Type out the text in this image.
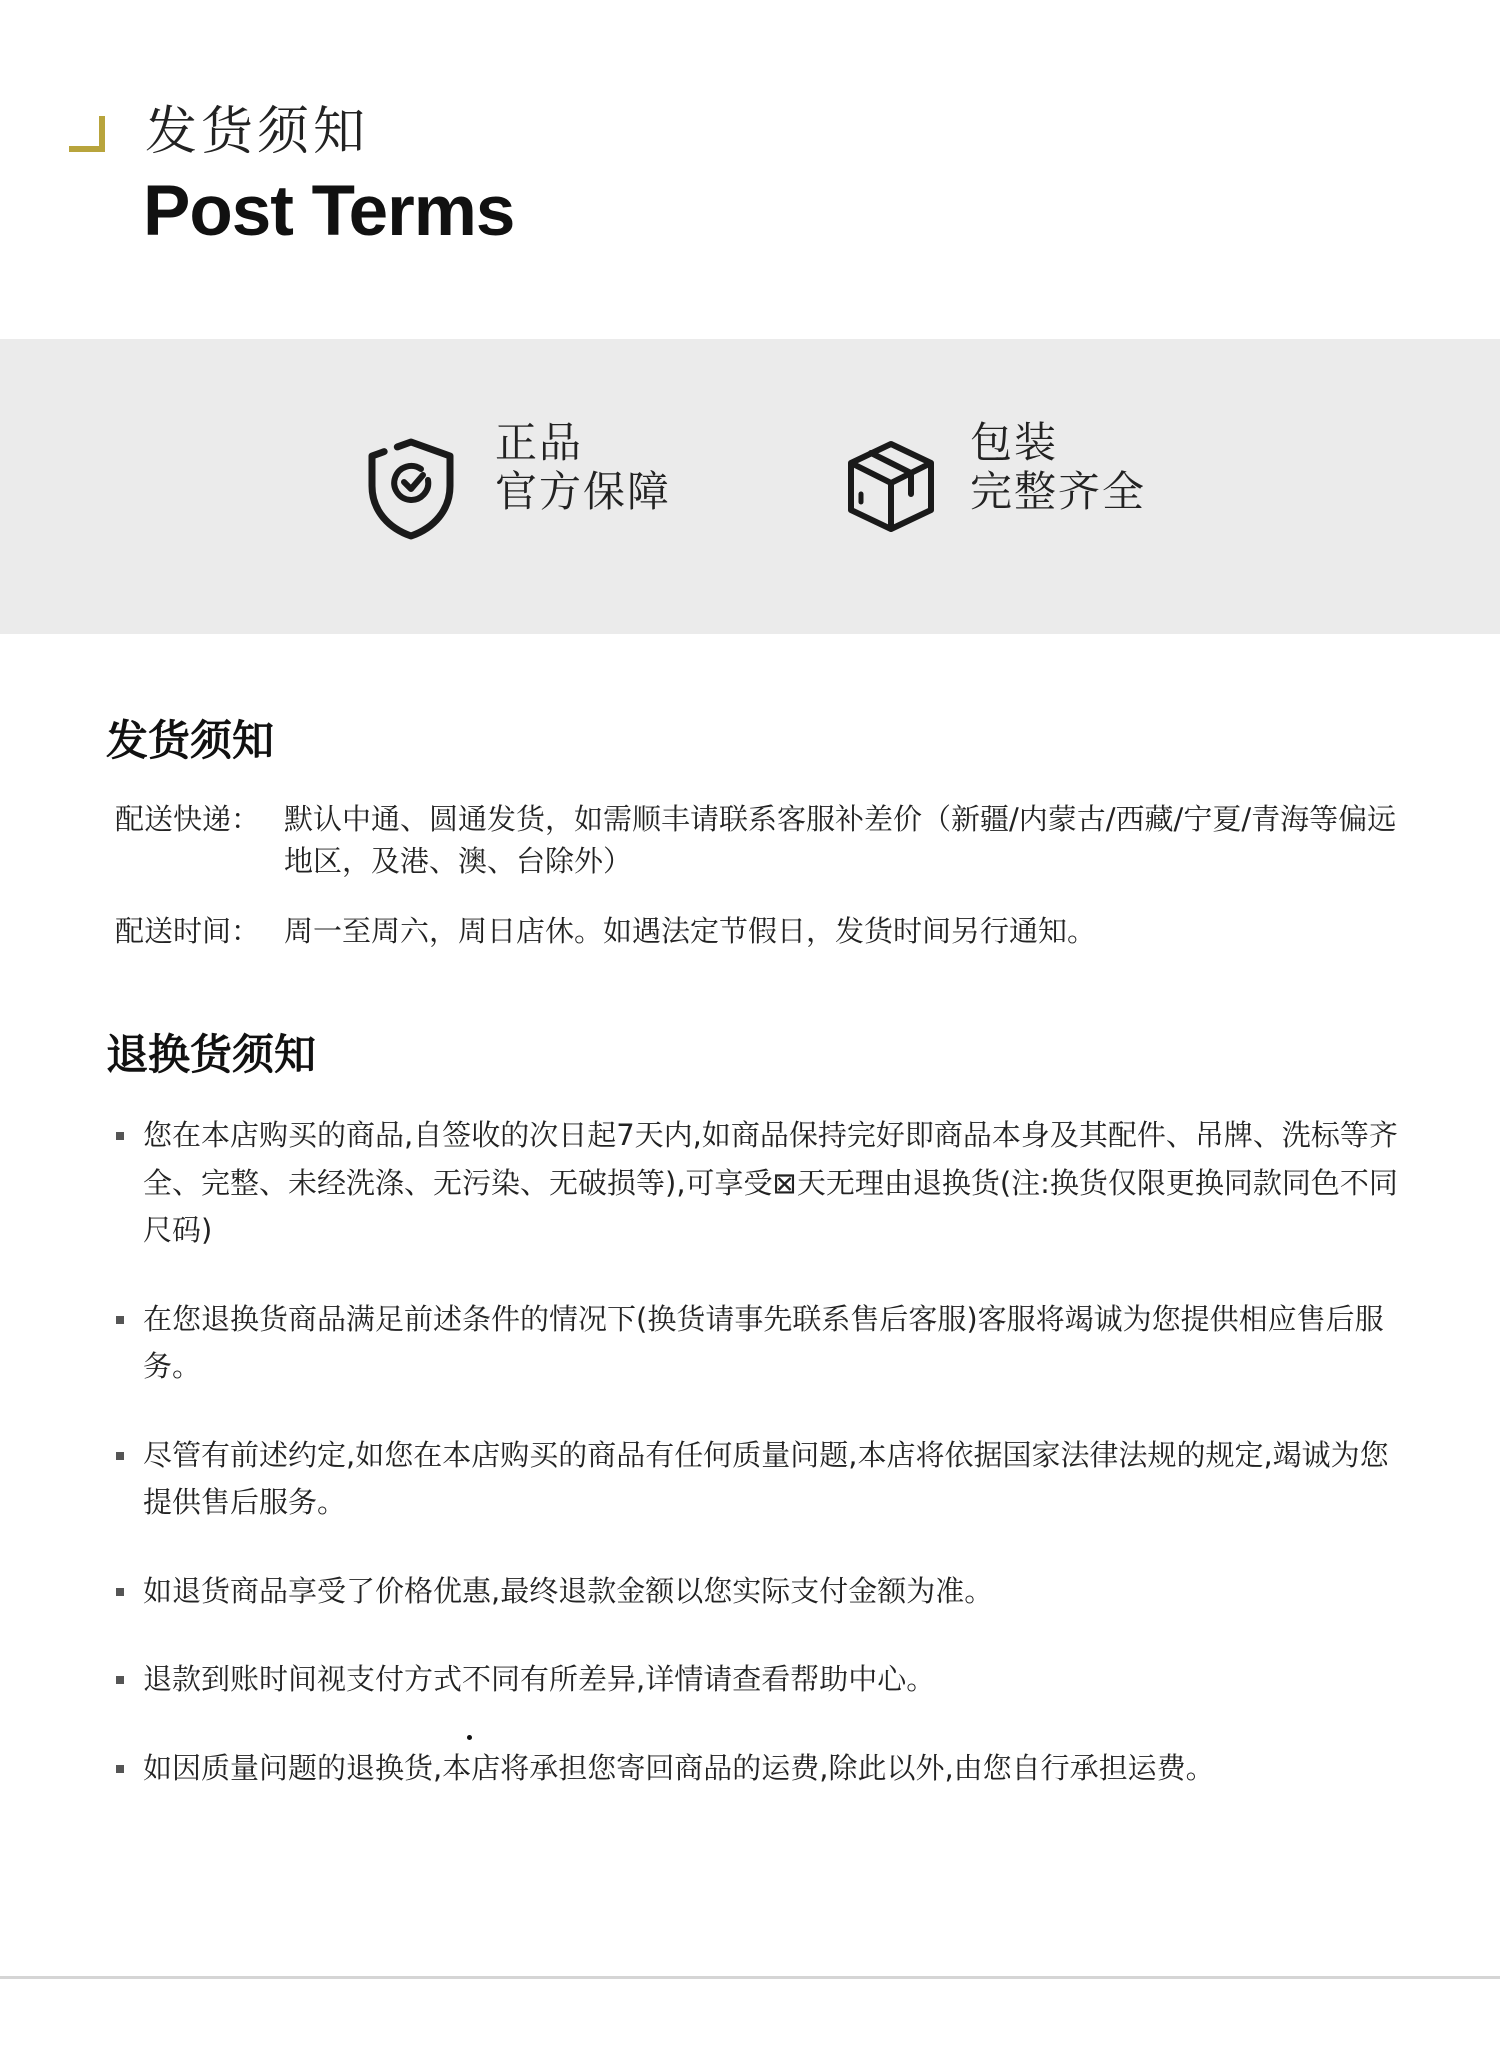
发货须知
Post Terms
正品
官方保障
包装
完整齐全
发货须知
配送快递： 默认中通、圆通发货，如需顺丰请联系客服补差价（新疆/内蒙古/西藏/宁夏/青海等偏远地区，及港、澳、台除外）
配送时间： 周一至周六，周日店休。如遇法定节假日，发货时间另行通知。
退换货须知
您在本店购买的商品,自签收的次日起7天内,如商品保持完好即商品本身及其配件、吊牌、洗标等齐全、完整、未经洗涤、无污染、无破损等),可享受⊠天无理由退换货(注:换货仅限更换同款同色不同尺码)
在您退换货商品满足前述条件的情况下(换货请事先联系售后客服)客服将竭诚为您提供相应售后服务。
尽管有前述约定,如您在本店购买的商品有任何质量问题,本店将依据国家法律法规的规定,竭诚为您提供售后服务。
如退货商品享受了价格优惠,最终退款金额以您实际支付金额为准。
退款到账时间视支付方式不同有所差异,详情请查看帮助中心。
如因质量问题的退换货,本店将承担您寄回商品的运费,除此以外,由您自行承担运费。
